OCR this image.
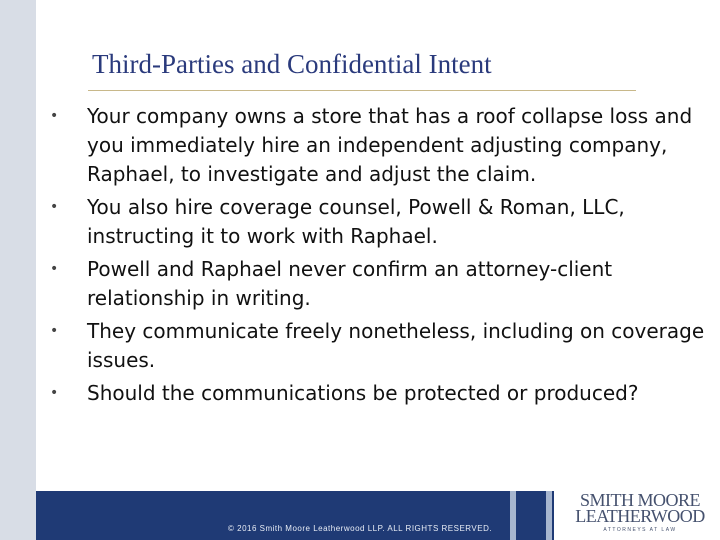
Third-Parties and Confidential Intent
•	Your company owns a store that has a roof collapse loss and you immediately hire an independent adjusting company, Raphael, to investigate and adjust the claim.
•	You also hire coverage counsel, Powell & Roman, LLC, instructing it to work with Raphael.
•	Powell and Raphael never confirm an attorney-client relationship in writing.
•	They communicate freely nonetheless, including on coverage issues.
•	Should the communications be protected or produced?
© 2016 Smith Moore Leatherwood LLP. ALL RIGHTS RESERVED.
SMITH MOORE
LEATHERWOOD
ATTORNEYS AT LAW
